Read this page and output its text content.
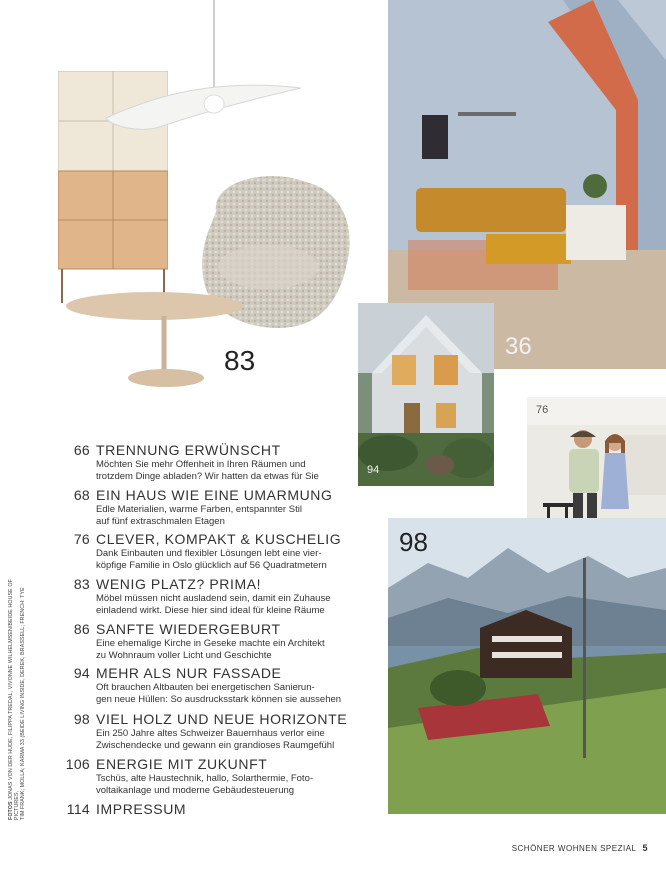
83	36
94
76
98
66 TRENNUNG ERWÜNSCHT
Möchten Sie mehr Offenheit in Ihren Räumen und
trotzdem Dinge abladen? Wir hatten da etwas für Sie
68 EIN HAUS WIE EINE UMARMUNG
Edle Materialien, warme Farben, entspannter Stil
auf fünf extraschmalen Etagen
76 CLEVER, KOMPAKT & KUSCHELIG
Dank Einbauten und flexibler Lösungen lebt eine vier-
köpfige Familie in Oslo glücklich auf 56 Quadratmetern
83 WENIG PLATZ? PRIMA!
Möbel müssen nicht ausladend sein, damit ein Zuhause
einladend wirkt. Diese hier sind ideal für kleine Räume
86 SANFTE WIEDERGEBURT
Eine ehemalige Kirche in Geseke machte ein Architekt
zu Wohnraum voller Licht und Geschichte
94 MEHR ALS NUR FASSADE
Oft brauchen Altbauten bei energetischen Sanierun-
gen neue Hüllen: So ausdrucksstark können sie aussehen
98 VIEL HOLZ UND NEUE HORIZONTE
Ein 250 Jahre altes Schweizer Bauernhaus verlor eine
Zwischendecke und gewann ein grandioses Raumgefühl
106 ENERGIE MIT ZUKUNFT
Tschüs, alte Haustechnik, hallo, Solarthermie, Foto-
voltaikanlage und moderne Gebäudesteuerung
114 IMPRESSUM
FOTOS JONAS VON DER HUDE, FILIPPA TREDAL, VIVONNE WILHELMSEN/BEIDE HOUSE OF PICTURES, TIM FRANK; MOLLA; KARMA 33 (BEIDE LIVING INSIDE, DEREK, BRASSELL; FRENCH: TYE
SCHÖNER WOHNEN SPEZIAL 5
